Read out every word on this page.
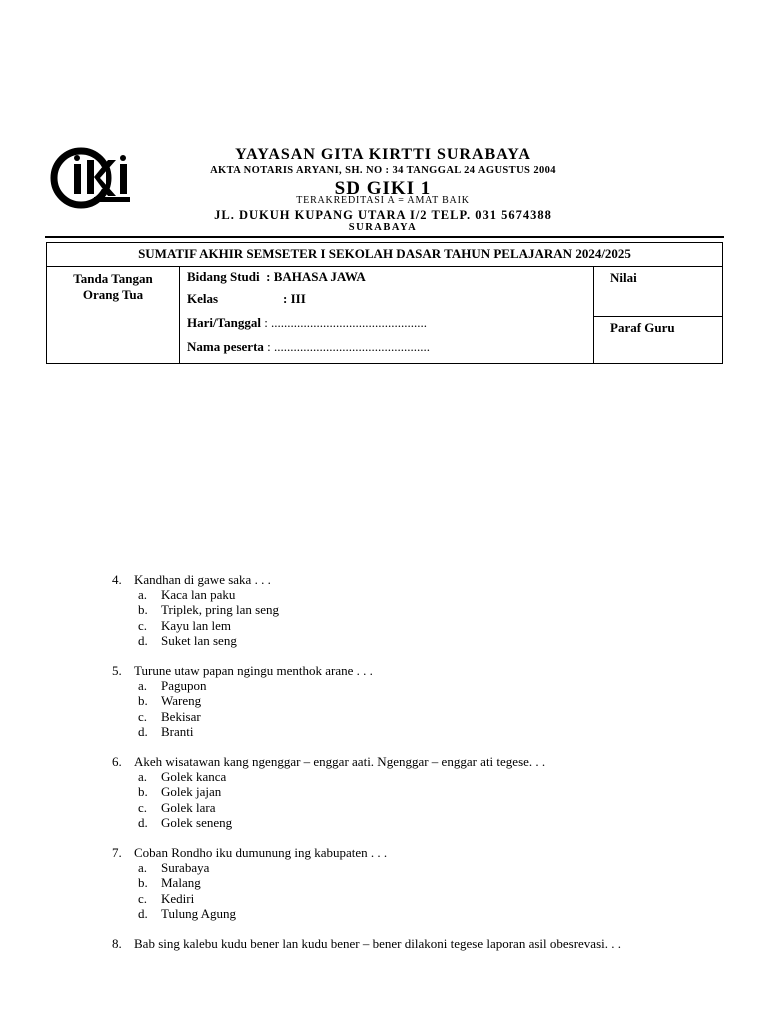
YAYASAN GITA KIRTTI SURABAYA
AKTA NOTARIS ARYANI, SH. NO : 34 TANGGAL 24 AGUSTUS 2004
SD GIKI 1
TERAKREDITASI A = AMAT BAIK
JL. DUKUH KUPANG UTARA I/2 TELP. 031 5674388
SURABAYA
SUMATIF AKHIR SEMSETER I SEKOLAH DASAR TAHUN PELAJARAN 2024/2025

Tanda Tangan
Orang Tua

Bidang Studi : BAHASA JAWA
Kelas	: III
Hari/Tanggal : ................................................
Nama peserta : ................................................
	Nilai
Paraf Guru
4. Kandhan di gawe saka . . .
a. Kaca lan paku
b. Triplek, pring lan seng
c. Kayu lan lem
d. Suket lan seng
5. Turune utaw papan ngingu menthok arane . . .
a. Pagupon
b. Wareng
c. Bekisar
d. Branti
6. Akeh wisatawan kang ngenggar – enggar aati. Ngenggar – enggar ati tegese. . .
a. Golek kanca
b. Golek jajan
c. Golek lara
d. Golek seneng
7. Coban Rondho iku dumunung ing kabupaten . . .
a. Surabaya
b. Malang
c. Kediri
d. Tulung Agung
8. Bab sing kalebu kudu bener lan kudu bener – bener dilakoni tegese laporan asil obesrevasi. . .
